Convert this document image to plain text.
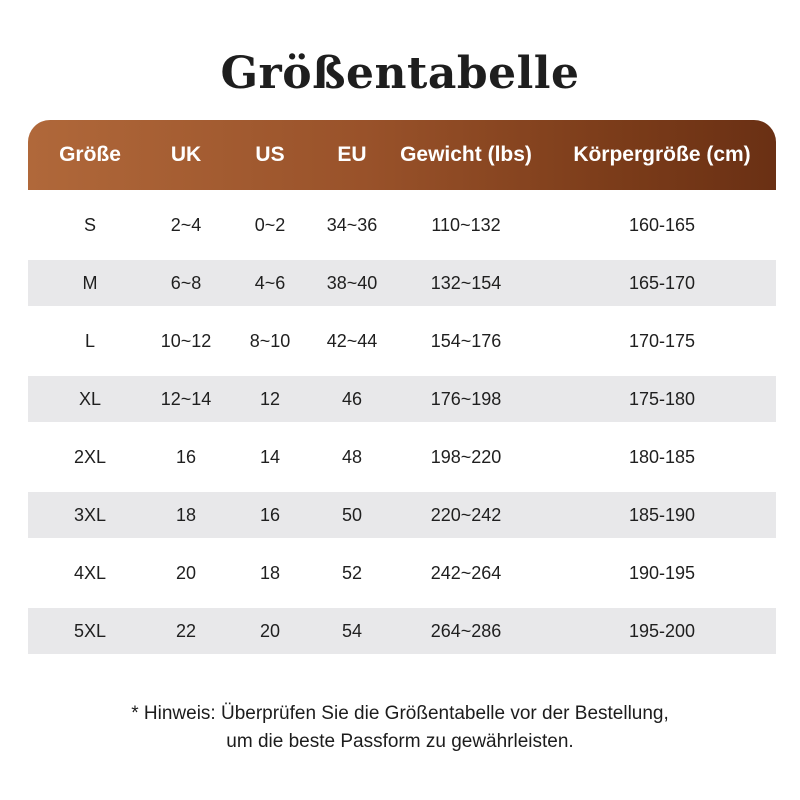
Größentabelle
Größe	UK	US	EU	Gewicht (lbs)	Körpergröße (cm)

S	2~4	0~2	34~36	110~132	160-165

M	6~8	4~6	38~40	132~154	165-170

L	10~12	8~10	42~44	154~176	170-175

XL	12~14	12	46	176~198	175-180

2XL	16	14	48	198~220	180-185

3XL	18	16	50	220~242	185-190

4XL	20	18	52	242~264	190-195

5XL	22	20	54	264~286	195-200
* Hinweis: Überprüfen Sie die Größentabelle vor der Bestellung,
um die beste Passform zu gewährleisten.
